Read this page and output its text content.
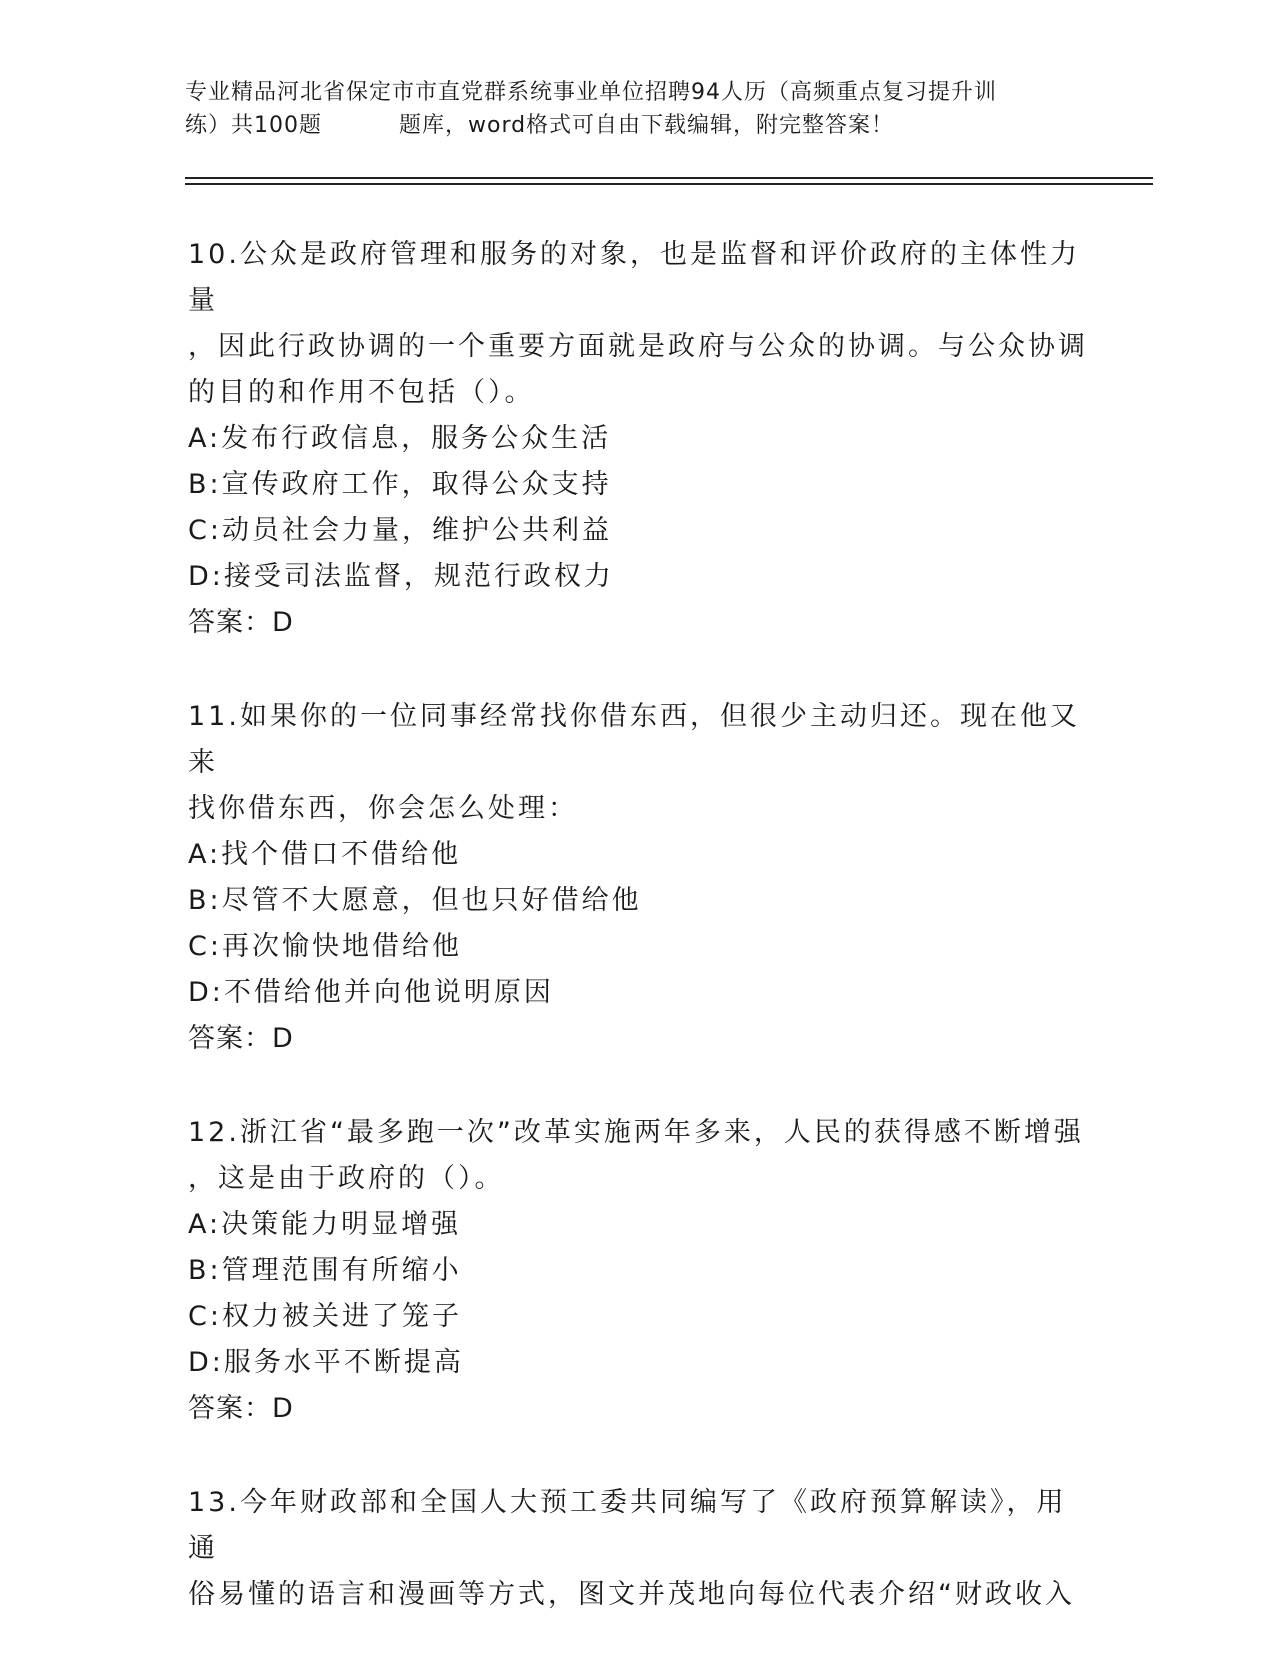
专业精品河北省保定市市直党群系统事业单位招聘94人历（高频重点复习提升训
练）共100题　　　 题库，word格式可自由下载编辑，附完整答案！

10.公众是政府管理和服务的对象，也是监督和评价政府的主体性力量

，因此行政协调的一个重要方面就是政府与公众的协调。与公众协调

的目的和作用不包括（）。

A:发布行政信息，服务公众生活

B:宣传政府工作，取得公众支持

C:动员社会力量，维护公共利益

D:接受司法监督，规范行政权力

答案：D

11.如果你的一位同事经常找你借东西，但很少主动归还。现在他又来

找你借东西，你会怎么处理：

A:找个借口不借给他

B:尽管不大愿意，但也只好借给他

C:再次愉快地借给他

D:不借给他并向他说明原因

答案：D

12.浙江省“最多跑一次”改革实施两年多来，人民的获得感不断增强

，这是由于政府的（）。

A:决策能力明显增强

B:管理范围有所缩小

C:权力被关进了笼子

D:服务水平不断提高

答案：D

13.今年财政部和全国人大预工委共同编写了《政府预算解读》，用通

俗易懂的语言和漫画等方式，图文并茂地向每位代表介绍“财政收入
